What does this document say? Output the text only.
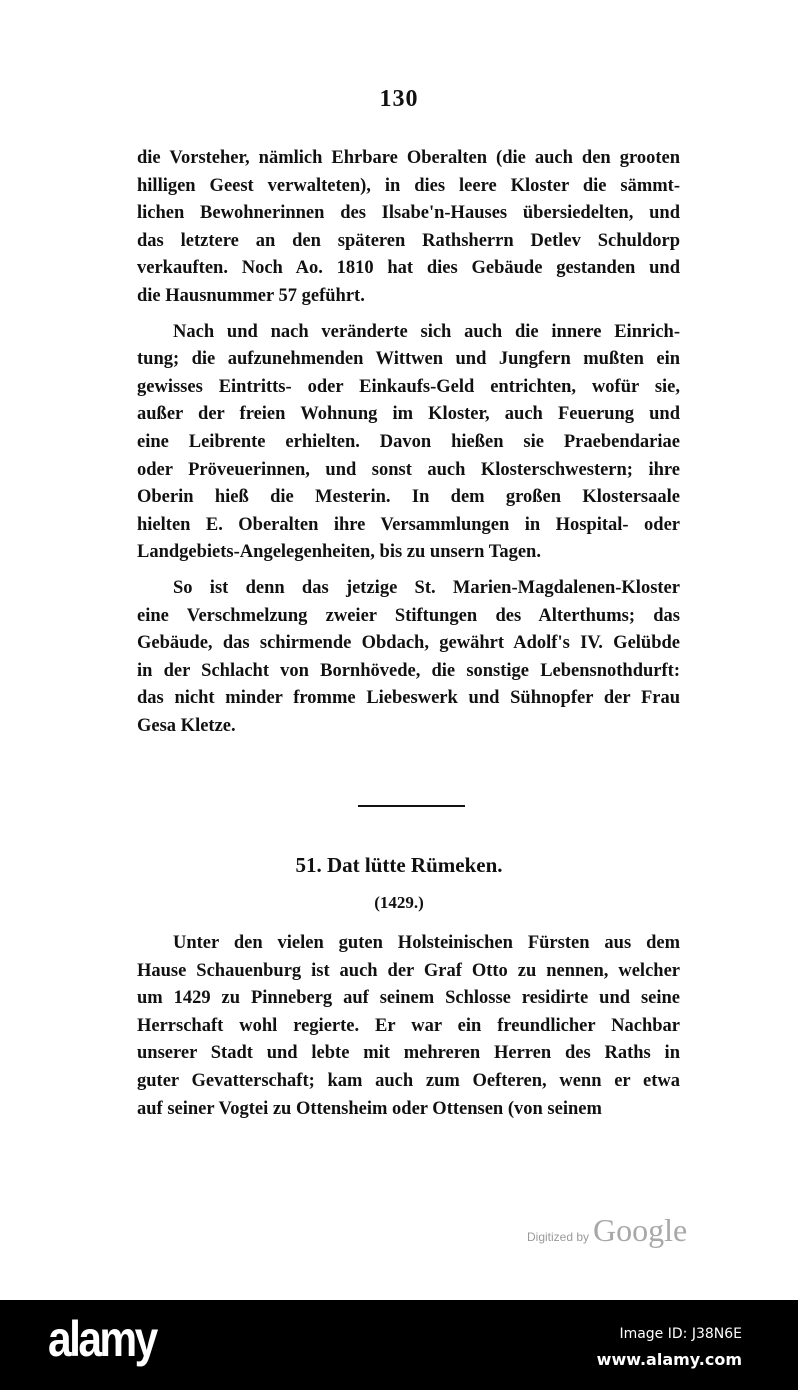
130
die Vorsteher, nämlich Ehrbare Oberalten (die auch den grooten
hilligen Geest verwalteten), in dies leere Kloster die sämmt-
lichen Bewohnerinnen des Ilsabe'n-Hauses übersiedelten, und
das letztere an den späteren Rathsherrn Detlev Schuldorp
verkauften. Noch Ao. 1810 hat dies Gebäude gestanden und
die Hausnummer 57 geführt.
Nach und nach veränderte sich auch die innere Einrich-
tung; die aufzunehmenden Wittwen und Jungfern mußten ein
gewisses Eintritts- oder Einkaufs-Geld entrichten, wofür sie,
außer der freien Wohnung im Kloster, auch Feuerung und
eine Leibrente erhielten. Davon hießen sie Praebendariae
oder Pröveuerinnen, und sonst auch Klosterschwestern; ihre
Oberin hieß die Mesterin. In dem großen Klostersaale
hielten E. Oberalten ihre Versammlungen in Hospital- oder
Landgebiets-Angelegenheiten, bis zu unsern Tagen.
So ist denn das jetzige St. Marien-Magdalenen-Kloster
eine Verschmelzung zweier Stiftungen des Alterthums; das
Gebäude, das schirmende Obdach, gewährt Adolf's IV. Gelübde
in der Schlacht von Bornhövede, die sonstige Lebensnothdurft:
das nicht minder fromme Liebeswerk und Sühnopfer der Frau
Gesa Kletze.
51. Dat lütte Rümeken.
(1429.)
Unter den vielen guten Holsteinischen Fürsten aus dem
Hause Schauenburg ist auch der Graf Otto zu nennen, welcher
um 1429 zu Pinneberg auf seinem Schlosse residirte und seine
Herrschaft wohl regierte. Er war ein freundlicher Nachbar
unserer Stadt und lebte mit mehreren Herren des Raths in
guter Gevatterschaft; kam auch zum Oefteren, wenn er etwa
auf seiner Vogtei zu Ottensheim oder Ottensen (von seinem
Digitized by Google
alamy	Image ID: J38N6E
www.alamy.com
